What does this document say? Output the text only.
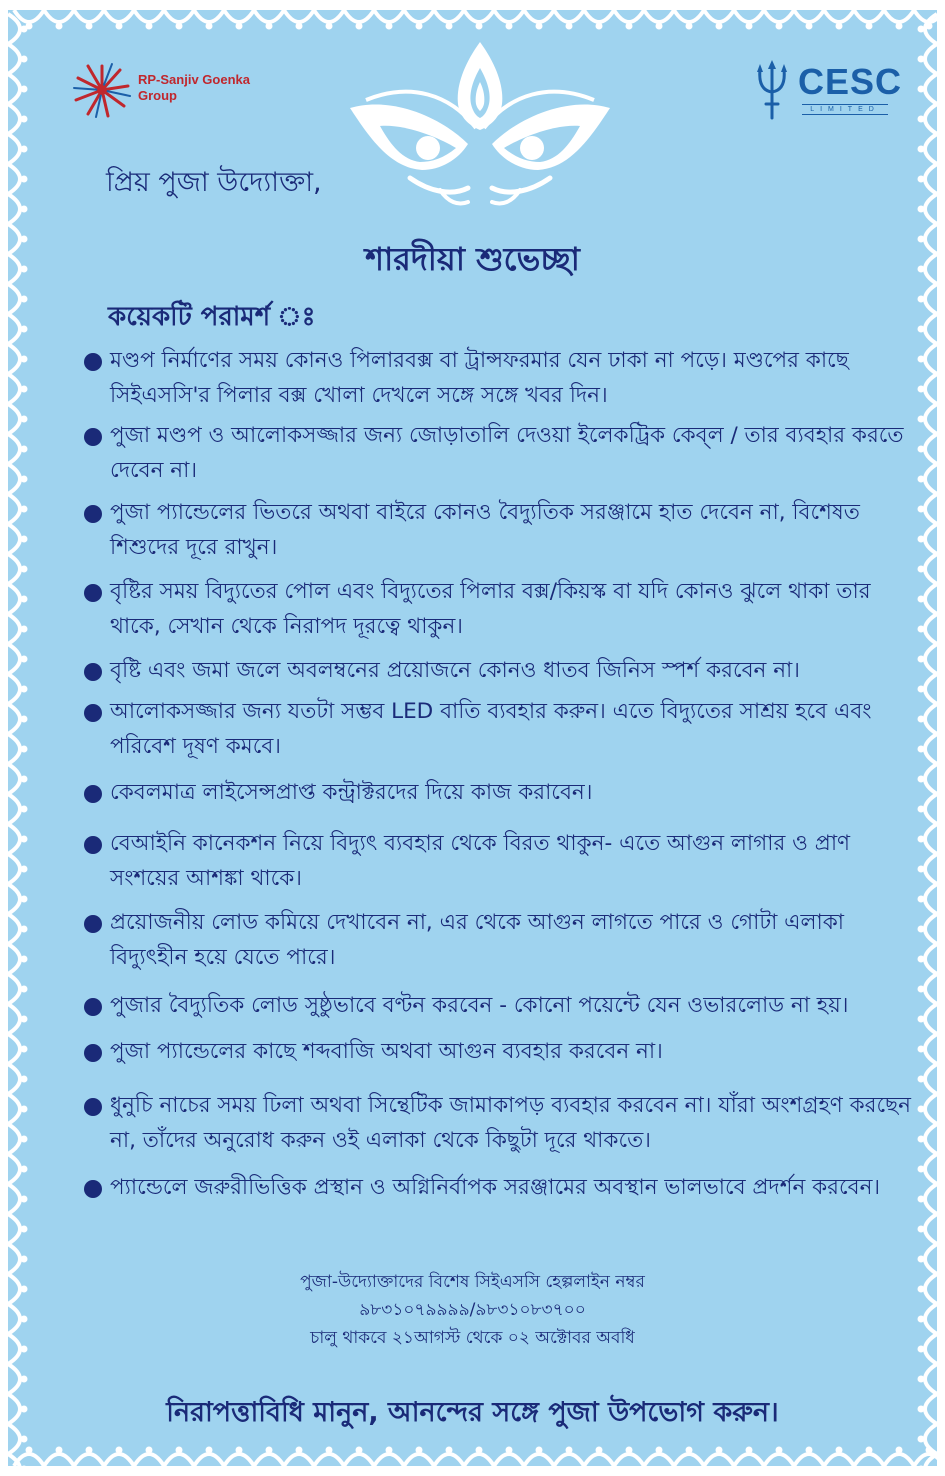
RP-Sanjiv Goenka
Group	CESC
LIMITED
প্রিয় পুজা উদ্যোক্তা,
শারদীয়া শুভেচ্ছা
কয়েকটি পরামর্শ ঃ
মণ্ডপ নির্মাণের সময় কোনও পিলারবক্স বা ট্রান্সফরমার যেন ঢাকা না পড়ে। মণ্ডপের কাছে সিইএসসি'র পিলার বক্স খোলা দেখলে সঙ্গে সঙ্গে খবর দিন।
পুজা মণ্ডপ ও আলোকসজ্জার জন্য জোড়াতালি দেওয়া ইলেকট্রিক কেব্‌ল / তার ব্যবহার করতে দেবেন না।
পুজা প্যান্ডেলের ভিতরে অথবা বাইরে কোনও বৈদ্যুতিক সরঞ্জামে হাত দেবেন না, বিশেষত শিশুদের দূরে রাখুন।
বৃষ্টির সময় বিদ্যুতের পোল এবং বিদ্যুতের পিলার বক্স/কিয়স্ক বা যদি কোনও ঝুলে থাকা তার থাকে, সেখান থেকে নিরাপদ দূরত্বে থাকুন।
বৃষ্টি এবং জমা জলে অবলম্বনের প্রয়োজনে কোনও ধাতব জিনিস স্পর্শ করবেন না।
আলোকসজ্জার জন্য যতটা সম্ভব LED বাতি ব্যবহার করুন। এতে বিদ্যুতের সাশ্রয় হবে এবং পরিবেশ দূষণ কমবে।
কেবলমাত্র লাইসেন্সপ্রাপ্ত কন্ট্রাক্টরদের দিয়ে কাজ করাবেন।
বেআইনি কানেকশন নিয়ে বিদ্যুৎ ব্যবহার থেকে বিরত থাকুন- এতে আগুন লাগার ও প্রাণ সংশয়ের আশঙ্কা থাকে।
প্রয়োজনীয় লোড কমিয়ে দেখাবেন না, এর থেকে আগুন লাগতে পারে ও গোটা এলাকা বিদ্যুৎহীন হয়ে যেতে পারে।
পুজার বৈদ্যুতিক লোড সুষ্ঠুভাবে বণ্টন করবেন - কোনো পয়েন্টে যেন ওভারলোড না হয়।
পুজা প্যান্ডেলের কাছে শব্দবাজি অথবা আগুন ব্যবহার করবেন না।
ধুনুচি নাচের সময় ঢিলা অথবা সিন্থেটিক জামাকাপড় ব্যবহার করবেন না। যাঁরা অংশগ্রহণ করছেন না, তাঁদের অনুরোধ করুন ওই এলাকা থেকে কিছুটা দূরে থাকতে।
প্যান্ডেলে জরুরীভিত্তিক প্রস্থান ও অগ্নিনির্বাপক সরঞ্জামের অবস্থান ভালভাবে প্রদর্শন করবেন।
পুজা-উদ্যোক্তাদের বিশেষ সিইএসসি হেল্পলাইন নম্বর
৯৮৩১০৭৯৯৯৯/৯৮৩১০৮৩৭০০
চালু থাকবে ২১আগস্ট থেকে ০২ অক্টোবর অবধি
নিরাপত্তাবিধি মানুন, আনন্দের সঙ্গে পুজা উপভোগ করুন।
